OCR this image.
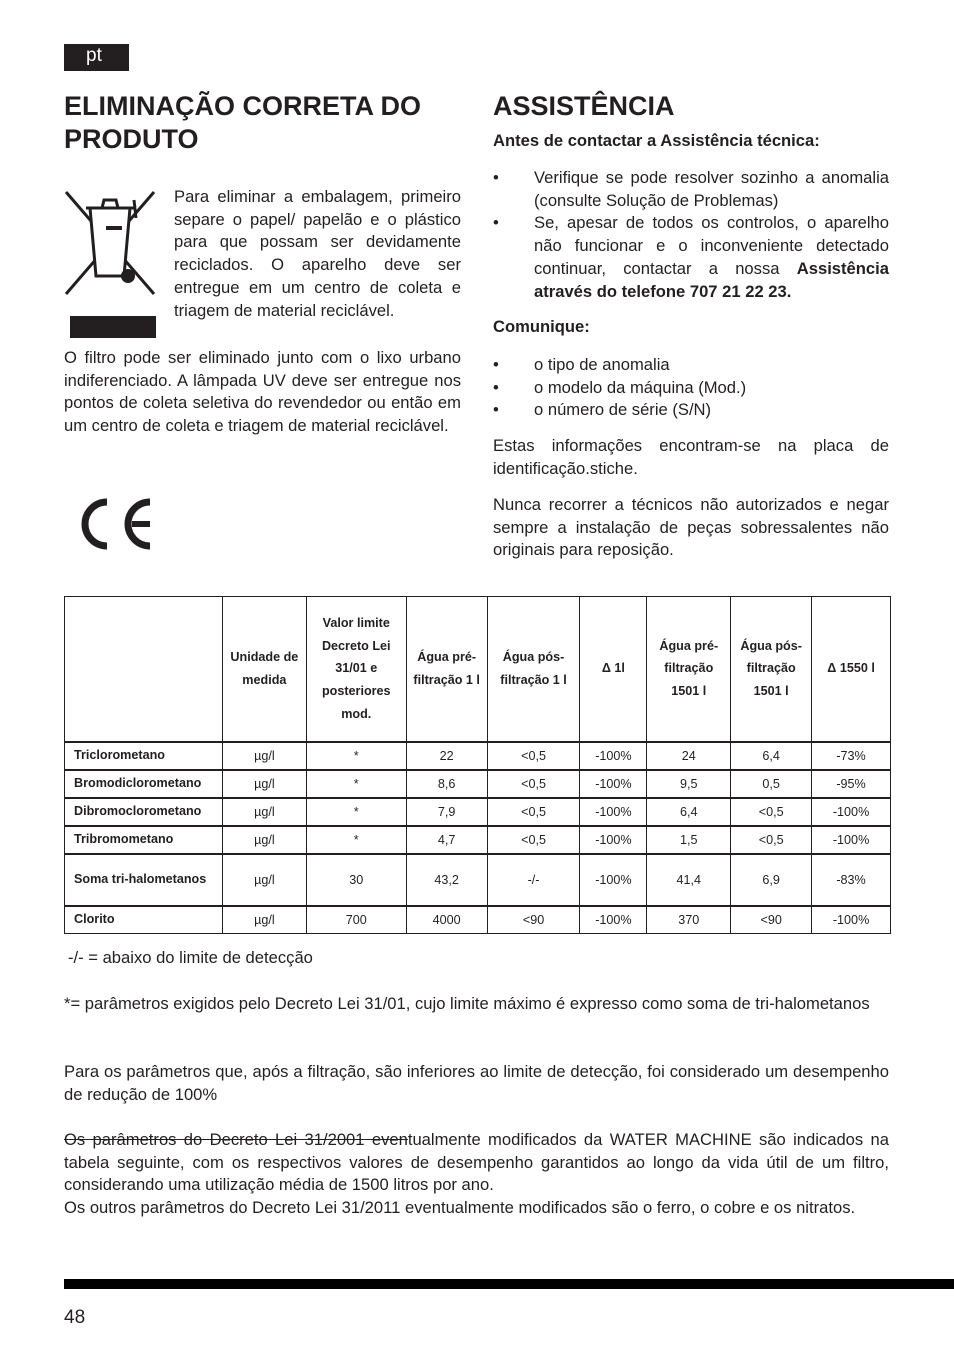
pt
ELIMINAÇÃO CORRETA DO PRODUTO
Para eliminar a embalagem, primeiro separe o papel/ papelão e o plástico para que possam ser devidamente reciclados. O aparelho deve ser entregue em um centro de coleta e triagem de material reciclável.
O filtro pode ser eliminado junto com o lixo urbano indiferenciado. A lâmpada UV deve ser entregue nos pontos de coleta seletiva do revendedor ou então em um centro de coleta e triagem de material reciclável.
ASSISTÊNCIA
Antes de contactar a Assistência técnica:
• Verifique se pode resolver sozinho a anomalia (consulte Solução de Problemas)
• Se, apesar de todos os controlos, o aparelho não funcionar e o inconveniente detectado continuar, contactar a nossa Assistência através do telefone 707 21 22 23.
Comunique:
• o tipo de anomalia
• o modelo da máquina (Mod.)
• o número de série (S/N)
Estas informações encontram-se na placa de identificação.stiche.
Nunca recorrer a técnicos não autorizados e negar sempre a instalação de peças sobressalentes não originais para reposição.
	Unidade de medida	Valor limite Decreto Lei 31/01 e posteriores mod.	Água pré-filtração 1 l	Água pós-filtração 1 l	Δ 1l	Água pré-filtração 1501 l	Água pós-filtração 1501 l	Δ 1550 l
Triclorometano	µg/l	*	22	<0,5	-100%	24	6,4	-73%
Bromodiclorometano	µg/l	*	8,6	<0,5	-100%	9,5	0,5	-95%
Dibromoclorometano	µg/l	*	7,9	<0,5	-100%	6,4	<0,5	-100%
Tribromometano	µg/l	*	4,7	<0,5	-100%	1,5	<0,5	-100%
Soma tri-halometanos	µg/l	30	43,2	-/-	-100%	41,4	6,9	-83%
Clorito	µg/l	700	4000	<90	-100%	370	<90	-100%
-/- = abaixo do limite de detecção
*= parâmetros exigidos pelo Decreto Lei 31/01, cujo limite máximo é expresso como soma de tri-halometanos
Para os parâmetros que, após a filtração, são inferiores ao limite de detecção, foi considerado um desempenho de redução de 100%
Os parâmetros do Decreto Lei 31/2001 eventualmente modificados da WATER MACHINE são indicados na tabela seguinte, com os respectivos valores de desempenho garantidos ao longo da vida útil de um filtro, considerando uma utilização média de 1500 litros por ano.
Os outros parâmetros do Decreto Lei 31/2011 eventualmente modificados são o ferro, o cobre e os nitratos.
48
